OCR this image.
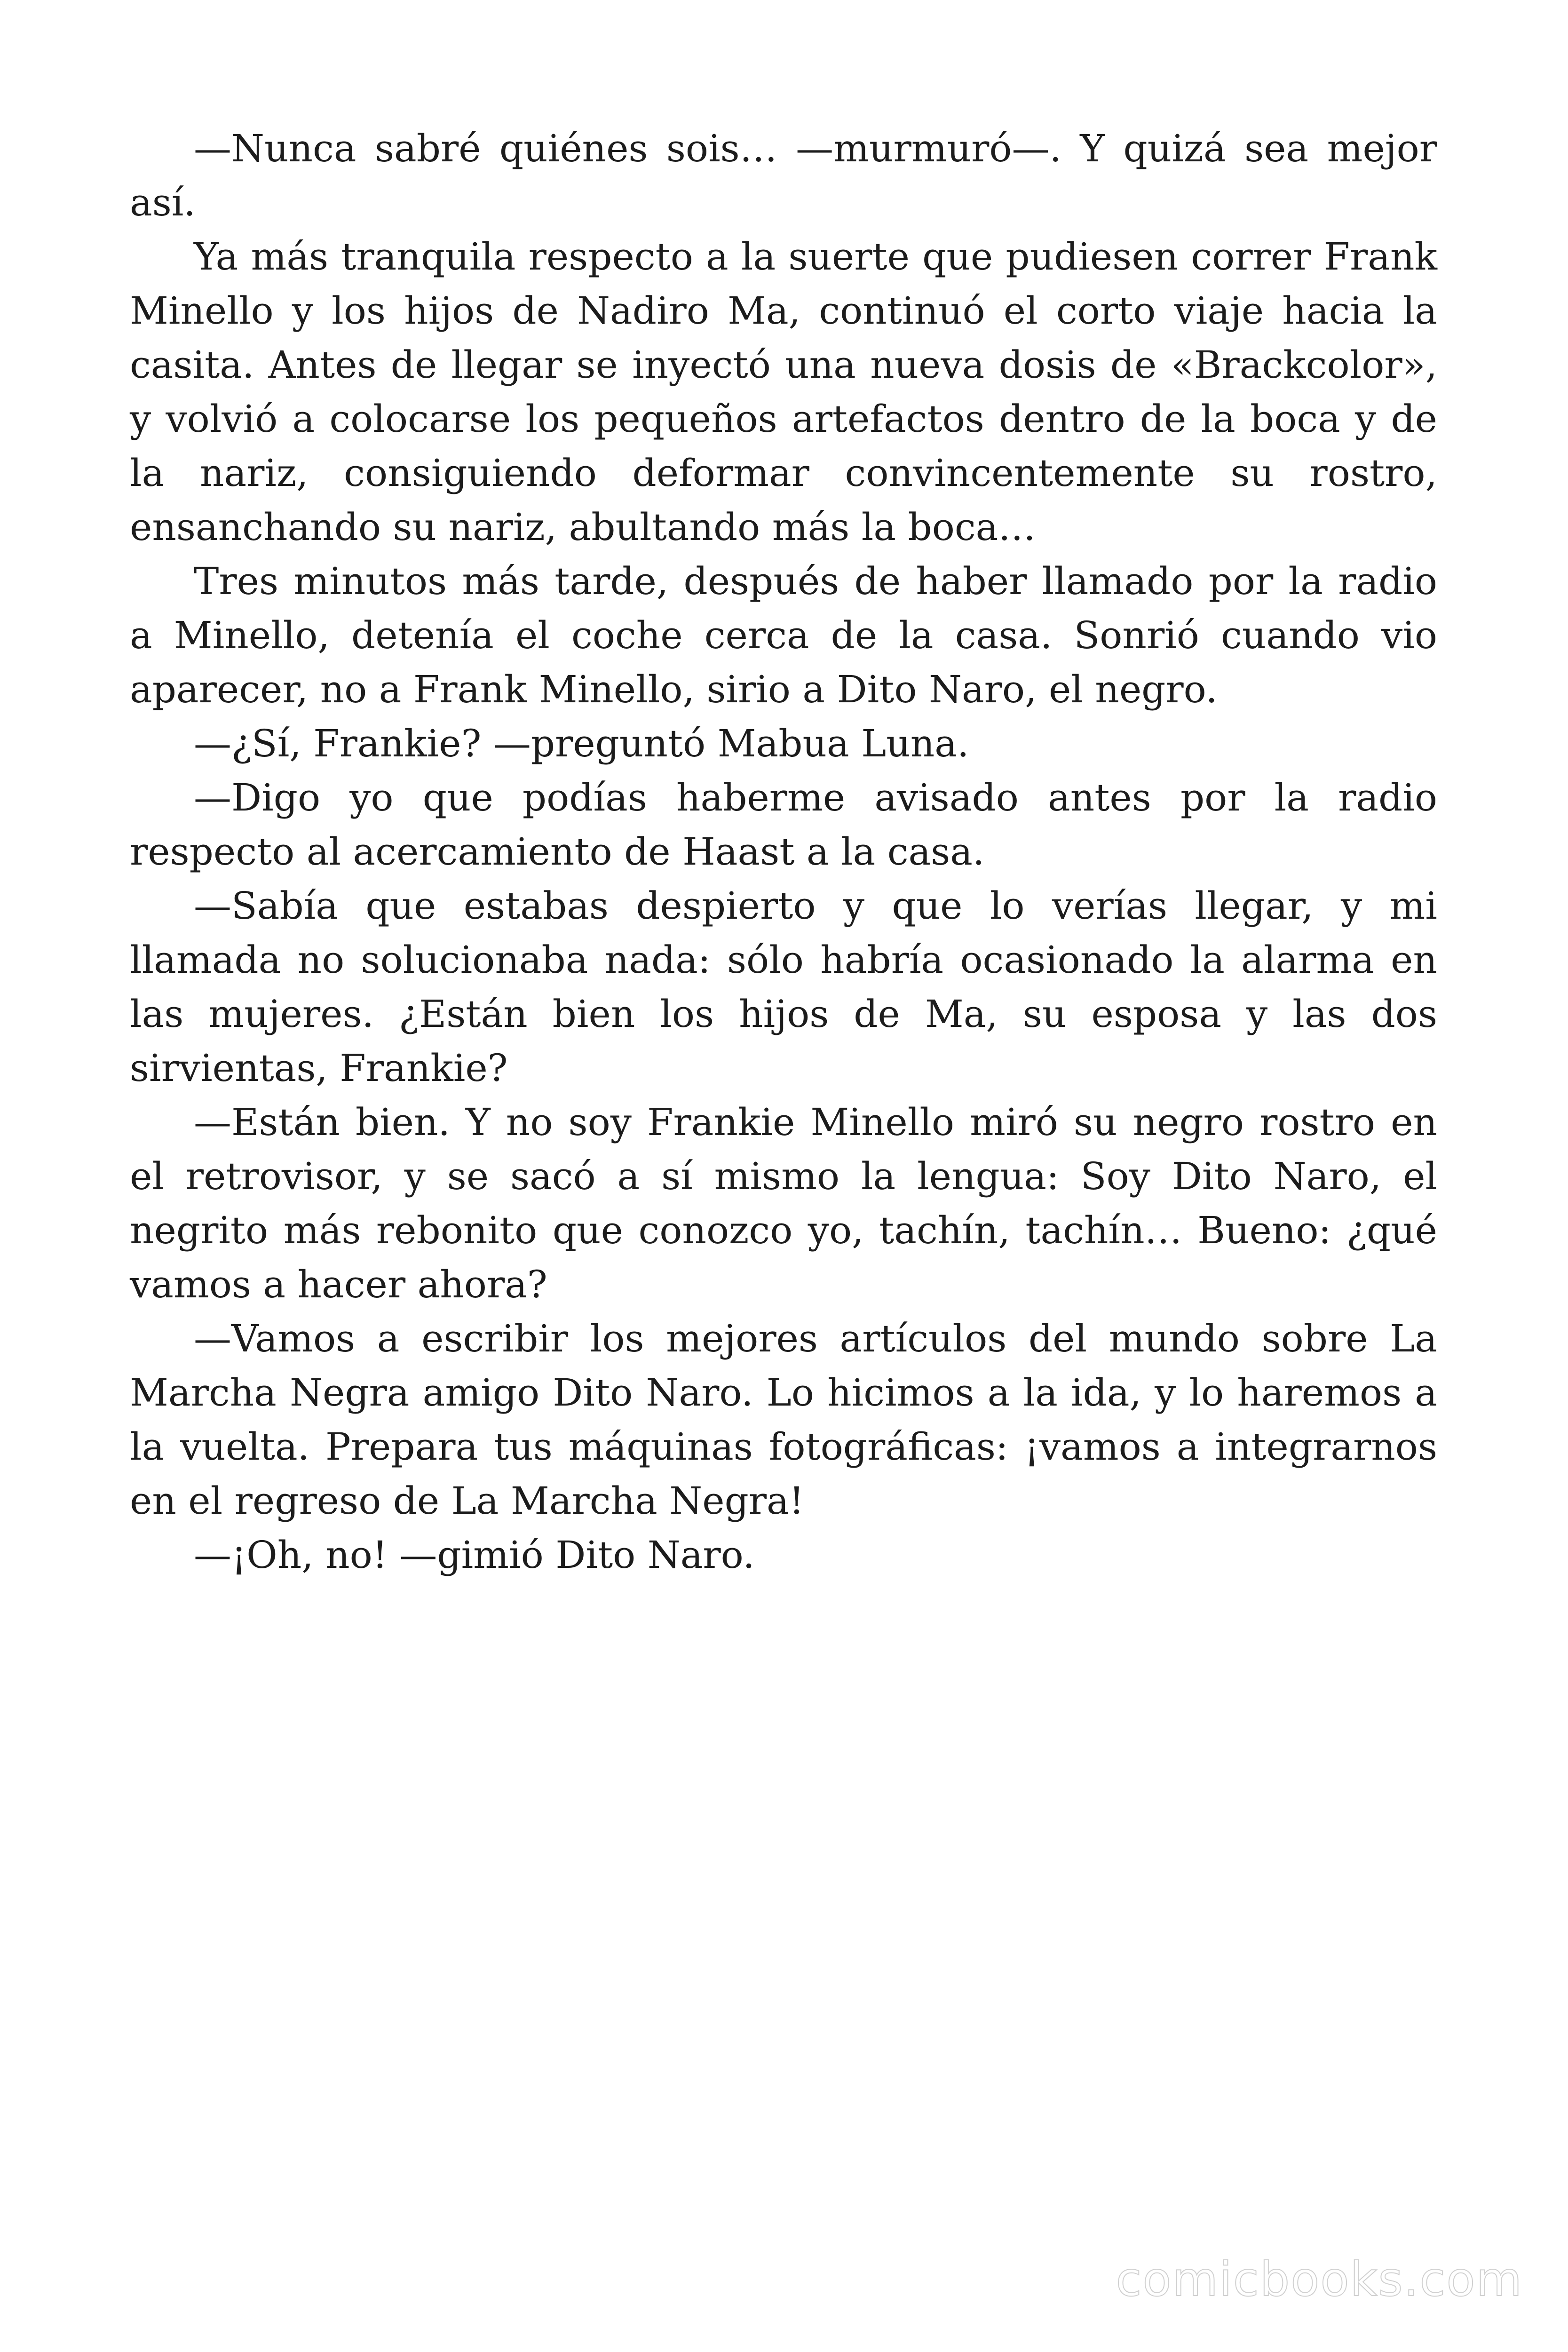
—Nunca sabré quiénes sois… —murmuró—. Y quizá sea mejor así.

Ya más tranquila respecto a la suerte que pudiesen correr Frank Minello y los hijos de Nadiro Ma, continuó el corto viaje hacia la casita. Antes de llegar se inyectó una nueva dosis de «Brackcolor», y volvió a colocarse los pequeños artefactos dentro de la boca y de la nariz, consiguiendo deformar convincentemente su rostro, ensanchando su nariz, abultando más la boca…

Tres minutos más tarde, después de haber llamado por la radio a Minello, detenía el coche cerca de la casa. Sonrió cuando vio aparecer, no a Frank Minello, sirio a Dito Naro, el negro.

—¿Sí, Frankie? —preguntó Mabua Luna.

—Digo yo que podías haberme avisado antes por la radio respecto al acercamiento de Haast a la casa.

—Sabía que estabas despierto y que lo verías llegar, y mi llamada no solucionaba nada: sólo habría ocasionado la alarma en las mujeres. ¿Están bien los hijos de Ma, su esposa y las dos sirvientas, Frankie?

—Están bien. Y no soy Frankie Minello miró su negro rostro en el retrovisor, y se sacó a sí mismo la lengua: Soy Dito Naro, el negrito más rebonito que conozco yo, tachín, tachín… Bueno: ¿qué vamos a hacer ahora?

—Vamos a escribir los mejores artículos del mundo sobre La Marcha Negra amigo Dito Naro. Lo hicimos a la ida, y lo haremos a la vuelta. Prepara tus máquinas fotográficas: ¡vamos a integrarnos en el regreso de La Marcha Negra!

—¡Oh, no! —gimió Dito Naro.

comicbooks.com
